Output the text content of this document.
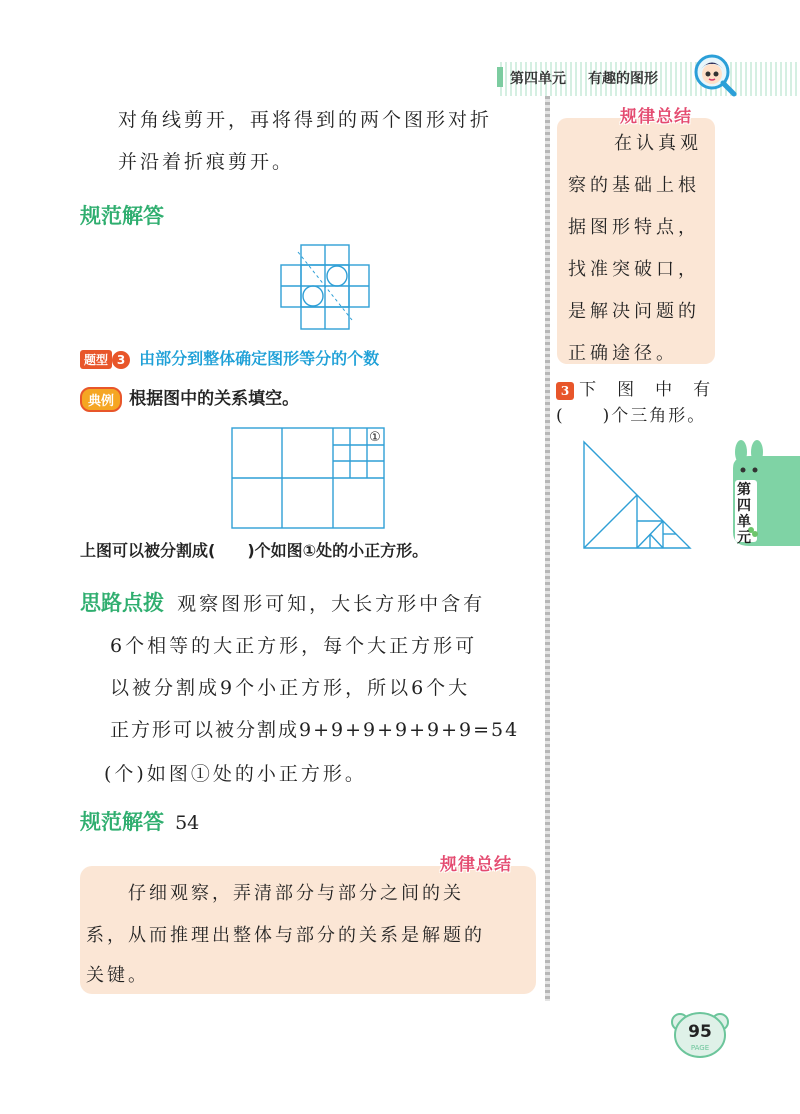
第四单元 有趣的图形
对角线剪开，再将得到的两个图形对折
并沿着折痕剪开。
规范解答
题型 3 由部分到整体确定图形等分的个数
典例 根据图中的关系填空。
①
上图可以被分割成(　　)个如图①处的小正方形。
思路点拨 观察图形可知，大长方形中含有
6个相等的大正方形，每个大正方形可
以被分割成9个小正方形，所以6个大
正方形可以被分割成9+9+9+9+9+9=54
(个)如图①处的小正方形。
规范解答 54
规律总结
仔细观察，弄清部分与部分之间的关
系，从而推理出整体与部分的关系是解题的
关键。
规律总结
在认真观
察的基础上根
据图形特点，
找准突破口，
是解决问题的
正确途径。
3 下　图　中　有
(　　)个三角形。
第四单元
95
PAGE
